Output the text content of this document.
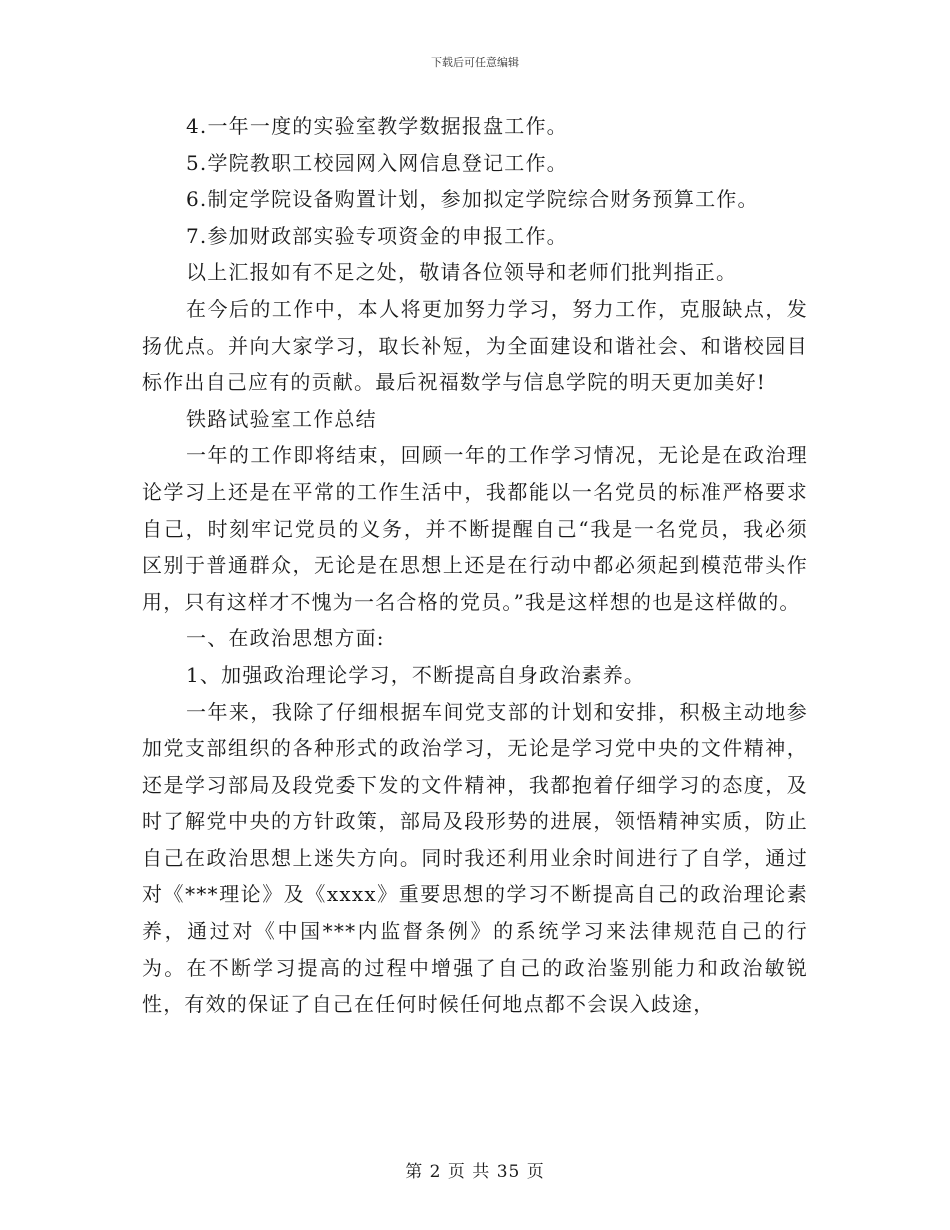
下载后可任意编辑

4.一年一度的实验室教学数据报盘工作。

5.学院教职工校园网入网信息登记工作。

6.制定学院设备购置计划，参加拟定学院综合财务预算工作。

7.参加财政部实验专项资金的申报工作。

以上汇报如有不足之处，敬请各位领导和老师们批判指正。

在今后的工作中，本人将更加努力学习，努力工作，克服缺点，发扬优点。并向大家学习，取长补短，为全面建设和谐社会、和谐校园目标作出自己应有的贡献。最后祝福数学与信息学院的明天更加美好!

铁路试验室工作总结

一年的工作即将结束，回顾一年的工作学习情况，无论是在政治理论学习上还是在平常的工作生活中，我都能以一名党员的标准严格要求自己，时刻牢记党员的义务，并不断提醒自己“我是一名党员，我必须区别于普通群众，无论是在思想上还是在行动中都必须起到模范带头作用，只有这样才不愧为一名合格的党员。”我是这样想的也是这样做的。

一、在政治思想方面:

1、加强政治理论学习，不断提高自身政治素养。

一年来，我除了仔细根据车间党支部的计划和安排，积极主动地参加党支部组织的各种形式的政治学习，无论是学习党中央的文件精神，还是学习部局及段党委下发的文件精神，我都抱着仔细学习的态度，及时了解党中央的方针政策，部局及段形势的进展，领悟精神实质，防止自己在政治思想上迷失方向。同时我还利用业余时间进行了自学，通过对《***理论》及《xxxx》重要思想的学习不断提高自己的政治理论素养，通过对《中国***内监督条例》的系统学习来法律规范自己的行为。在不断学习提高的过程中增强了自己的政治鉴别能力和政治敏锐性，有效的保证了自己在任何时候任何地点都不会误入歧途，

第 2 页 共 35 页
